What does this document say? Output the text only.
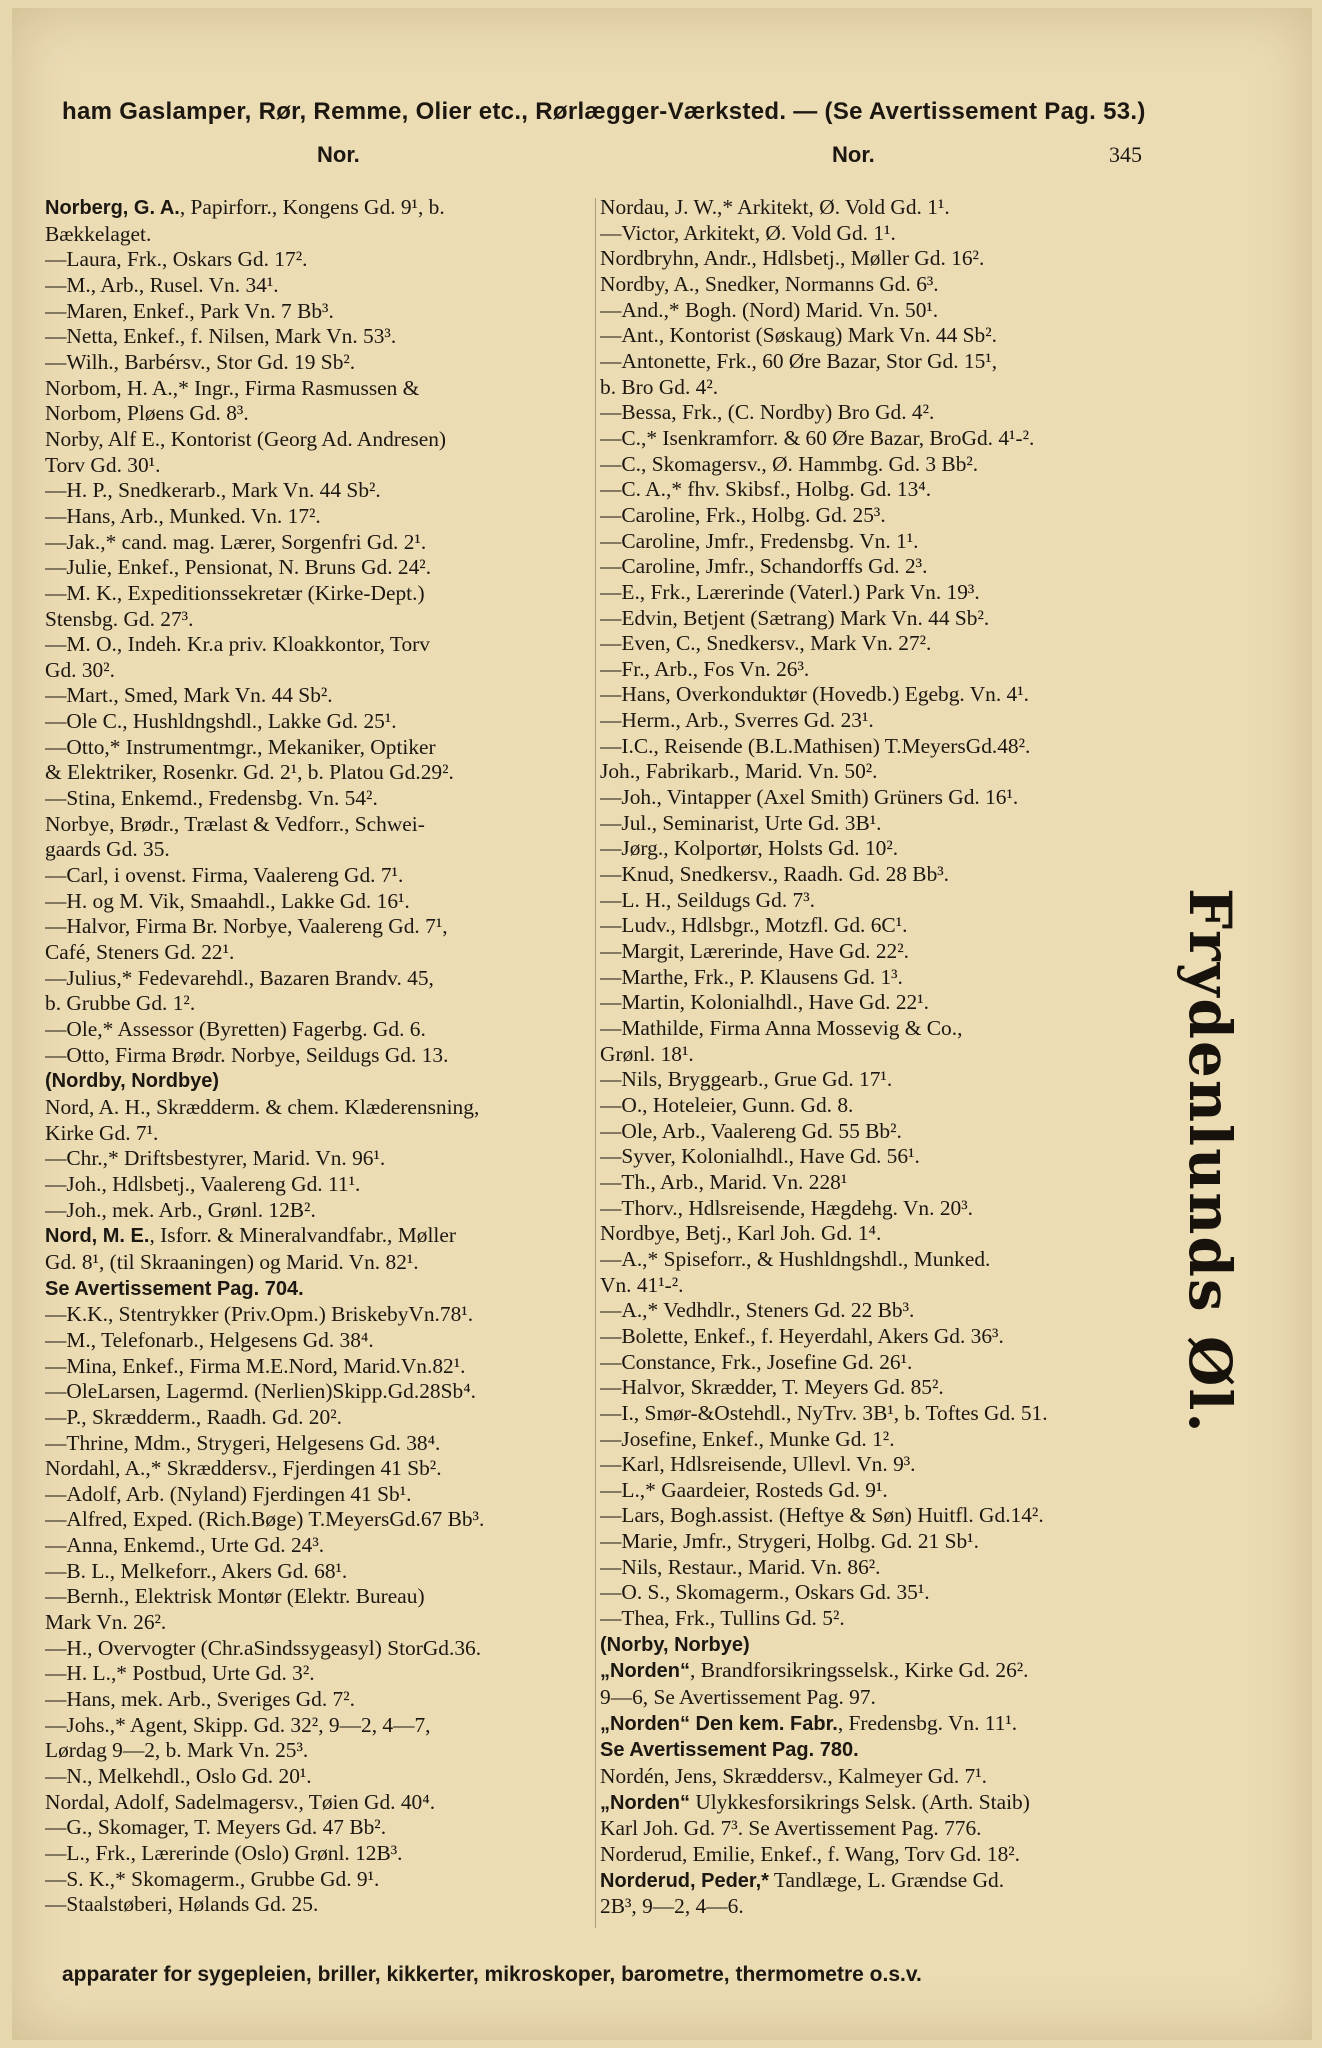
ham Gaslamper, Rør, Remme, Olier etc., Rørlægger-Værksted. — (Se Avertissement Pag. 53.)
Nor.	Nor.	345
Norberg, G. A., Papirforr., Kongens Gd. 9¹, b.
Bækkelaget.
—Laura, Frk., Oskars Gd. 17².
—M., Arb., Rusel. Vn. 34¹.
—Maren, Enkef., Park Vn. 7 Bb³.
—Netta, Enkef., f. Nilsen, Mark Vn. 53³.
—Wilh., Barbérsv., Stor Gd. 19 Sb².
Norbom, H. A.,* Ingr., Firma Rasmussen &
Norbom, Pløens Gd. 8³.
Norby, Alf E., Kontorist (Georg Ad. Andresen)
Torv Gd. 30¹.
—H. P., Snedkerarb., Mark Vn. 44 Sb².
—Hans, Arb., Munked. Vn. 17².
—Jak.,* cand. mag. Lærer, Sorgenfri Gd. 2¹.
—Julie, Enkef., Pensionat, N. Bruns Gd. 24².
—M. K., Expeditionssekretær (Kirke-Dept.)
Stensbg. Gd. 27³.
—M. O., Indeh. Kr.a priv. Kloakkontor, Torv
Gd. 30².
—Mart., Smed, Mark Vn. 44 Sb².
—Ole C., Hushldngshdl., Lakke Gd. 25¹.
—Otto,* Instrumentmgr., Mekaniker, Optiker
& Elektriker, Rosenkr. Gd. 2¹, b. Platou Gd.29².
—Stina, Enkemd., Fredensbg. Vn. 54².
Norbye, Brødr., Trælast & Vedforr., Schwei-
gaards Gd. 35.
—Carl, i ovenst. Firma, Vaalereng Gd. 7¹.
—H. og M. Vik, Smaahdl., Lakke Gd. 16¹.
—Halvor, Firma Br. Norbye, Vaalereng Gd. 7¹,
Café, Steners Gd. 22¹.
—Julius,* Fedevarehdl., Bazaren Brandv. 45,
b. Grubbe Gd. 1².
—Ole,* Assessor (Byretten) Fagerbg. Gd. 6.
—Otto, Firma Brødr. Norbye, Seildugs Gd. 13.
(Nordby, Nordbye)
Nord, A. H., Skrædderm. & chem. Klæderensning,
Kirke Gd. 7¹.
—Chr.,* Driftsbestyrer, Marid. Vn. 96¹.
—Joh., Hdlsbetj., Vaalereng Gd. 11¹.
—Joh., mek. Arb., Grønl. 12B².
Nord, M. E., Isforr. & Mineralvandfabr., Møller
Gd. 8¹, (til Skraaningen) og Marid. Vn. 82¹.
Se Avertissement Pag. 704.
—K.K., Stentrykker (Priv.Opm.) BriskebyVn.78¹.
—M., Telefonarb., Helgesens Gd. 38⁴.
—Mina, Enkef., Firma M.E.Nord, Marid.Vn.82¹.
—OleLarsen, Lagermd. (Nerlien)Skipp.Gd.28Sb⁴.
—P., Skrædderm., Raadh. Gd. 20².
—Thrine, Mdm., Strygeri, Helgesens Gd. 38⁴.
Nordahl, A.,* Skræddersv., Fjerdingen 41 Sb².
—Adolf, Arb. (Nyland) Fjerdingen 41 Sb¹.
—Alfred, Exped. (Rich.Bøge) T.MeyersGd.67 Bb³.
—Anna, Enkemd., Urte Gd. 24³.
—B. L., Melkeforr., Akers Gd. 68¹.
—Bernh., Elektrisk Montør (Elektr. Bureau)
Mark Vn. 26².
—H., Overvogter (Chr.aSindssygeasyl) StorGd.36.
—H. L.,* Postbud, Urte Gd. 3².
—Hans, mek. Arb., Sveriges Gd. 7².
—Johs.,* Agent, Skipp. Gd. 32², 9—2, 4—7,
Lørdag 9—2, b. Mark Vn. 25³.
—N., Melkehdl., Oslo Gd. 20¹.
Nordal, Adolf, Sadelmagersv., Tøien Gd. 40⁴.
—G., Skomager, T. Meyers Gd. 47 Bb².
—L., Frk., Lærerinde (Oslo) Grønl. 12B³.
—S. K.,* Skomagerm., Grubbe Gd. 9¹.
—Staalstøberi, Hølands Gd. 25.
Nordau, J. W.,* Arkitekt, Ø. Vold Gd. 1¹.
—Victor, Arkitekt, Ø. Vold Gd. 1¹.
Nordbryhn, Andr., Hdlsbetj., Møller Gd. 16².
Nordby, A., Snedker, Normanns Gd. 6³.
—And.,* Bogh. (Nord) Marid. Vn. 50¹.
—Ant., Kontorist (Søskaug) Mark Vn. 44 Sb².
—Antonette, Frk., 60 Øre Bazar, Stor Gd. 15¹,
b. Bro Gd. 4².
—Bessa, Frk., (C. Nordby) Bro Gd. 4².
—C.,* Isenkramforr. & 60 Øre Bazar, BroGd. 4¹-².
—C., Skomagersv., Ø. Hammbg. Gd. 3 Bb².
—C. A.,* fhv. Skibsf., Holbg. Gd. 13⁴.
—Caroline, Frk., Holbg. Gd. 25³.
—Caroline, Jmfr., Fredensbg. Vn. 1¹.
—Caroline, Jmfr., Schandorffs Gd. 2³.
—E., Frk., Lærerinde (Vaterl.) Park Vn. 19³.
—Edvin, Betjent (Sætrang) Mark Vn. 44 Sb².
—Even, C., Snedkersv., Mark Vn. 27².
—Fr., Arb., Fos Vn. 26³.
—Hans, Overkonduktør (Hovedb.) Egebg. Vn. 4¹.
—Herm., Arb., Sverres Gd. 23¹.
—I.C., Reisende (B.L.Mathisen) T.MeyersGd.48².
Joh., Fabrikarb., Marid. Vn. 50².
—Joh., Vintapper (Axel Smith) Grüners Gd. 16¹.
—Jul., Seminarist, Urte Gd. 3B¹.
—Jørg., Kolportør, Holsts Gd. 10².
—Knud, Snedkersv., Raadh. Gd. 28 Bb³.
—L. H., Seildugs Gd. 7³.
—Ludv., Hdlsbgr., Motzfl. Gd. 6C¹.
—Margit, Lærerinde, Have Gd. 22².
—Marthe, Frk., P. Klausens Gd. 1³.
—Martin, Kolonialhdl., Have Gd. 22¹.
—Mathilde, Firma Anna Mossevig & Co.,
Grønl. 18¹.
—Nils, Bryggearb., Grue Gd. 17¹.
—O., Hoteleier, Gunn. Gd. 8.
—Ole, Arb., Vaalereng Gd. 55 Bb².
—Syver, Kolonialhdl., Have Gd. 56¹.
—Th., Arb., Marid. Vn. 228¹
—Thorv., Hdlsreisende, Hægdehg. Vn. 20³.
Nordbye, Betj., Karl Joh. Gd. 1⁴.
—A.,* Spiseforr., & Hushldngshdl., Munked.
Vn. 41¹-².
—A.,* Vedhdlr., Steners Gd. 22 Bb³.
—Bolette, Enkef., f. Heyerdahl, Akers Gd. 36³.
—Constance, Frk., Josefine Gd. 26¹.
—Halvor, Skrædder, T. Meyers Gd. 85².
—I., Smør-&Ostehdl., NyTrv. 3B¹, b. Toftes Gd. 51.
—Josefine, Enkef., Munke Gd. 1².
—Karl, Hdlsreisende, Ullevl. Vn. 9³.
—L.,* Gaardeier, Rosteds Gd. 9¹.
—Lars, Bogh.assist. (Heftye & Søn) Huitfl. Gd.14².
—Marie, Jmfr., Strygeri, Holbg. Gd. 21 Sb¹.
—Nils, Restaur., Marid. Vn. 86².
—O. S., Skomagerm., Oskars Gd. 35¹.
—Thea, Frk., Tullins Gd. 5².
(Norby, Norbye)
„Norden“, Brandforsikringsselsk., Kirke Gd. 26².
9—6, Se Avertissement Pag. 97.
„Norden“ Den kem. Fabr., Fredensbg. Vn. 11¹.
Se Avertissement Pag. 780.
Nordén, Jens, Skræddersv., Kalmeyer Gd. 7¹.
„Norden“ Ulykkesforsikrings Selsk. (Arth. Staib)
Karl Joh. Gd. 7³. Se Avertissement Pag. 776.
Norderud, Emilie, Enkef., f. Wang, Torv Gd. 18².
Norderud, Peder,* Tandlæge, L. Grændse Gd.
2B³, 9—2, 4—6.
Frydenlunds Øl.
apparater for sygepleien, briller, kikkerter, mikroskoper, barometre, thermometre o.s.v.
